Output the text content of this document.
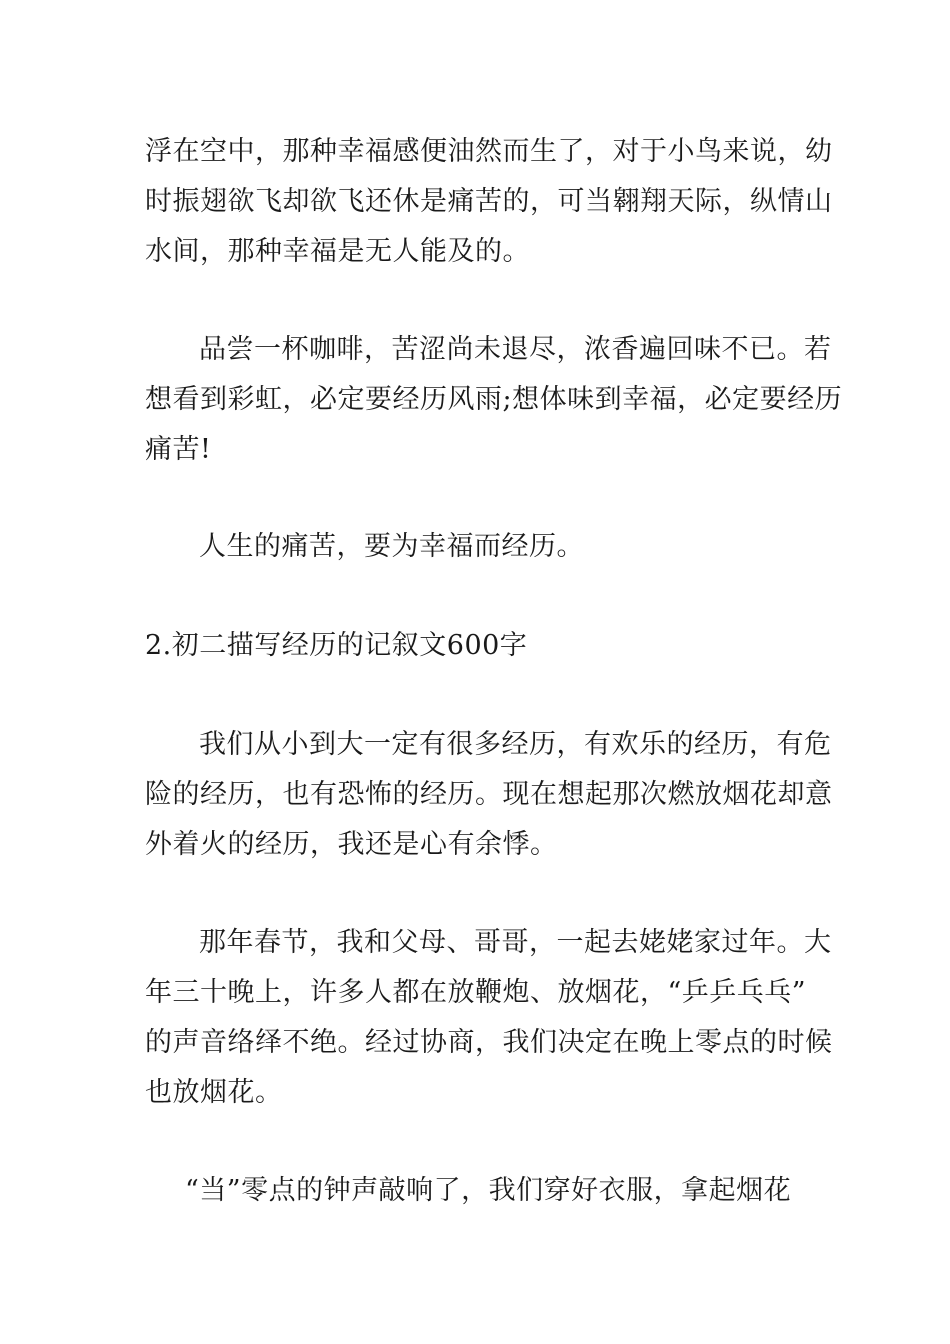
浮在空中，那种幸福感便油然而生了，对于小鸟来说，幼
时振翅欲飞却欲飞还休是痛苦的，可当翱翔天际，纵情山
水间，那种幸福是无人能及的。

品尝一杯咖啡，苦涩尚未退尽，浓香遍回味不已。若
想看到彩虹，必定要经历风雨;想体味到幸福，必定要经历
痛苦!

人生的痛苦，要为幸福而经历。

2.初二描写经历的记叙文600字

我们从小到大一定有很多经历，有欢乐的经历，有危
险的经历，也有恐怖的经历。现在想起那次燃放烟花却意
外着火的经历，我还是心有余悸。

那年春节，我和父母、哥哥，一起去姥姥家过年。大
年三十晚上，许多人都在放鞭炮、放烟花，“乒乒乓乓”
的声音络绎不绝。经过协商，我们决定在晚上零点的时候
也放烟花。

“当”零点的钟声敲响了，我们穿好衣服，拿起烟花
